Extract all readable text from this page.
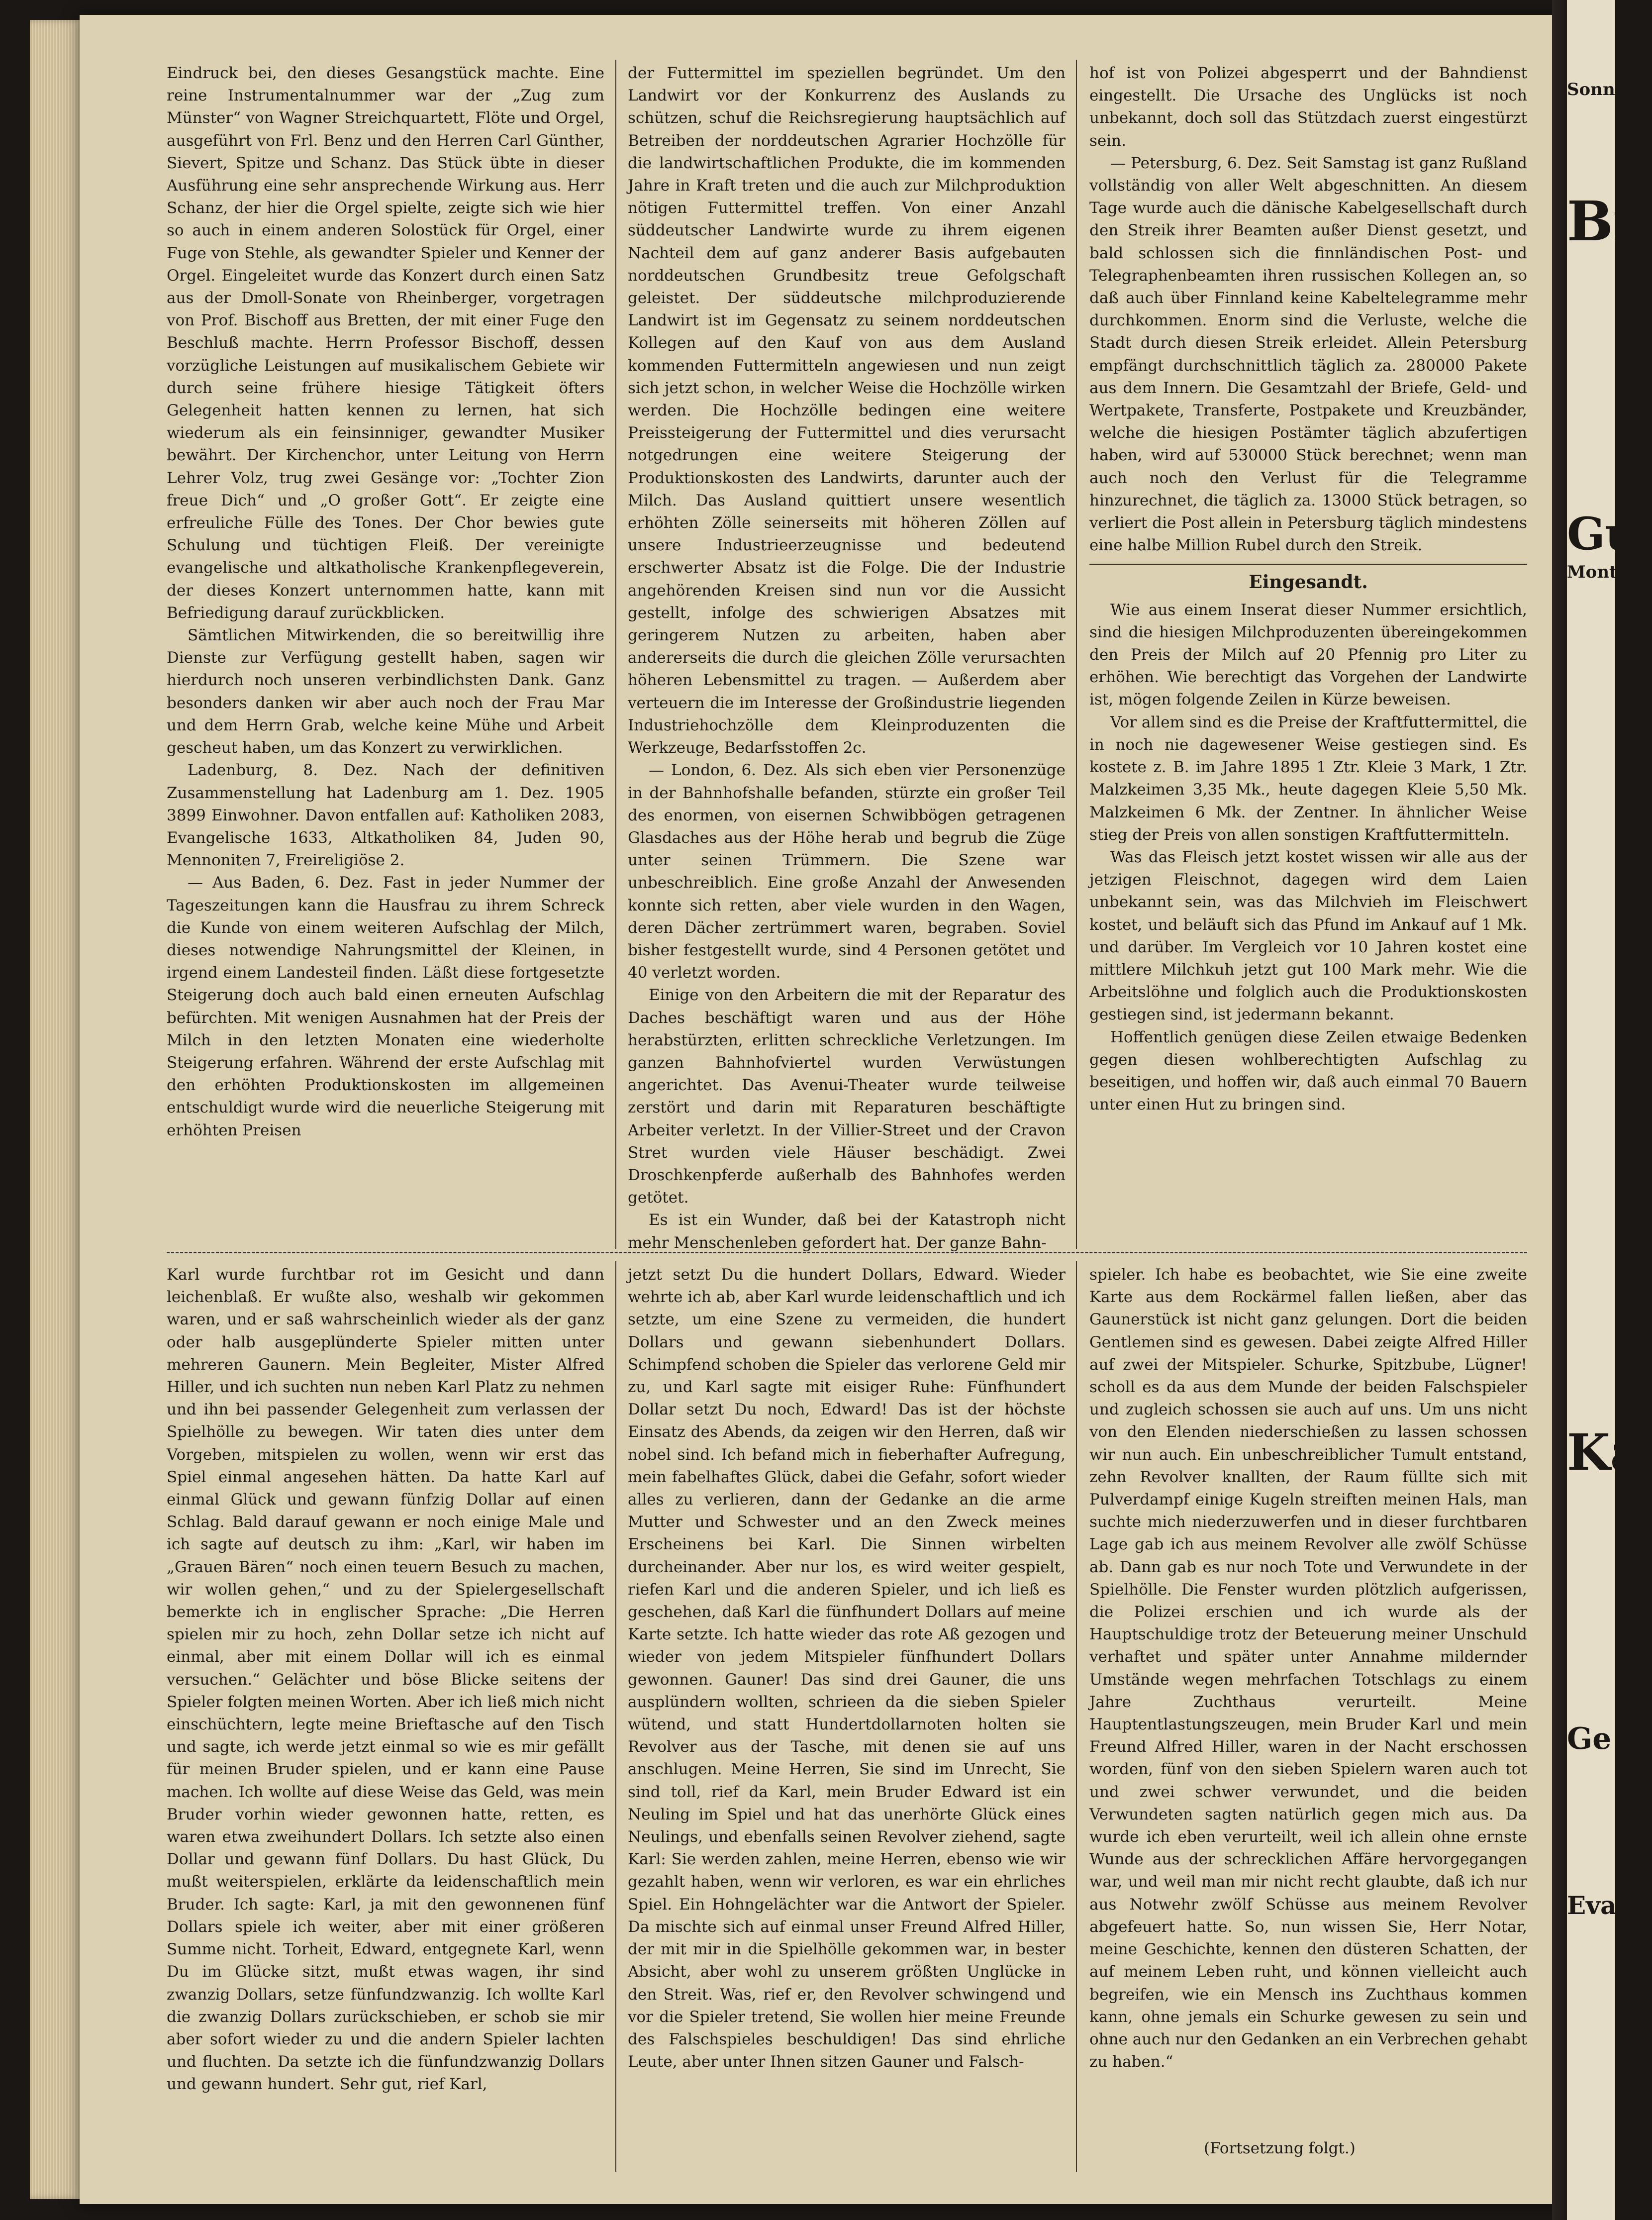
Eindruck bei, den dieses Gesangstück machte. Eine reine Instrumentalnummer war der „Zug zum Münster“ von Wagner Streichquartett, Flöte und Orgel, ausgeführt von Frl. Benz und den Herren Carl Günther, Sievert, Spitze und Schanz. Das Stück übte in dieser Ausführung eine sehr ansprechende Wirkung aus. Herr Schanz, der hier die Orgel spielte, zeigte sich wie hier so auch in einem anderen Solostück für Orgel, einer Fuge von Stehle, als gewandter Spieler und Kenner der Orgel. Eingeleitet wurde das Konzert durch einen Satz aus der Dmoll-Sonate von Rheinberger, vorgetragen von Prof. Bischoff aus Bretten, der mit einer Fuge den Beschluß machte. Herrn Professor Bischoff, dessen vorzügliche Leistungen auf musikalischem Gebiete wir durch seine frühere hiesige Tätigkeit öfters Gelegenheit hatten kennen zu lernen, hat sich wiederum als ein feinsinniger, gewandter Musiker bewährt. Der Kirchenchor, unter Leitung von Herrn Lehrer Volz, trug zwei Gesänge vor: „Tochter Zion freue Dich“ und „O großer Gott“. Er zeigte eine erfreuliche Fülle des Tones. Der Chor bewies gute Schulung und tüchtigen Fleiß. Der vereinigte evangelische und altkatholische Krankenpflegeverein, der dieses Konzert unternommen hatte, kann mit Befriedigung darauf zurückblicken.

Sämtlichen Mitwirkenden, die so bereitwillig ihre Dienste zur Verfügung gestellt haben, sagen wir hierdurch noch unseren verbindlichsten Dank. Ganz besonders danken wir aber auch noch der Frau Mar und dem Herrn Grab, welche keine Mühe und Arbeit gescheut haben, um das Konzert zu verwirklichen.

Ladenburg, 8. Dez. Nach der definitiven Zusammenstellung hat Ladenburg am 1. Dez. 1905 3899 Einwohner. Davon entfallen auf: Katholiken 2083, Evangelische 1633, Altkatholiken 84, Juden 90, Mennoniten 7, Freireligiöse 2.

— Aus Baden, 6. Dez. Fast in jeder Nummer der Tageszeitungen kann die Hausfrau zu ihrem Schreck die Kunde von einem weiteren Aufschlag der Milch, dieses notwendige Nahrungsmittel der Kleinen, in irgend einem Landesteil finden. Läßt diese fortgesetzte Steigerung doch auch bald einen erneuten Aufschlag befürchten. Mit wenigen Ausnahmen hat der Preis der Milch in den letzten Monaten eine wiederholte Steigerung erfahren. Während der erste Aufschlag mit den erhöhten Produktionskosten im allgemeinen entschuldigt wurde wird die neuerliche Steigerung mit erhöhten Preisen

der Futtermittel im speziellen begründet. Um den Landwirt vor der Konkurrenz des Auslands zu schützen, schuf die Reichsregierung hauptsächlich auf Betreiben der norddeutschen Agrarier Hochzölle für die landwirtschaftlichen Produkte, die im kommenden Jahre in Kraft treten und die auch zur Milchproduktion nötigen Futtermittel treffen. Von einer Anzahl süddeutscher Landwirte wurde zu ihrem eigenen Nachteil dem auf ganz anderer Basis aufgebauten norddeutschen Grundbesitz treue Gefolgschaft geleistet. Der süddeutsche milchproduzierende Landwirt ist im Gegensatz zu seinem norddeutschen Kollegen auf den Kauf von aus dem Ausland kommenden Futtermitteln angewiesen und nun zeigt sich jetzt schon, in welcher Weise die Hochzölle wirken werden. Die Hochzölle bedingen eine weitere Preissteigerung der Futtermittel und dies verursacht notgedrungen eine weitere Steigerung der Produktionskosten des Landwirts, darunter auch der Milch. Das Ausland quittiert unsere wesentlich erhöhten Zölle seinerseits mit höheren Zöllen auf unsere Industrieerzeugnisse und bedeutend erschwerter Absatz ist die Folge. Die der Industrie angehörenden Kreisen sind nun vor die Aussicht gestellt, infolge des schwierigen Absatzes mit geringerem Nutzen zu arbeiten, haben aber andererseits die durch die gleichen Zölle verursachten höheren Lebensmittel zu tragen. — Außerdem aber verteuern die im Interesse der Großindustrie liegenden Industriehochzölle dem Kleinproduzenten die Werkzeuge, Bedarfsstoffen 2c.

— London, 6. Dez. Als sich eben vier Personenzüge in der Bahnhofshalle befanden, stürzte ein großer Teil des enormen, von eisernen Schwibbögen getragenen Glasdaches aus der Höhe herab und begrub die Züge unter seinen Trümmern. Die Szene war unbeschreiblich. Eine große Anzahl der Anwesenden konnte sich retten, aber viele wurden in den Wagen, deren Dächer zertrümmert waren, begraben. Soviel bisher festgestellt wurde, sind 4 Personen getötet und 40 verletzt worden.

Einige von den Arbeitern die mit der Reparatur des Daches beschäftigt waren und aus der Höhe herabstürzten, erlitten schreckliche Verletzungen. Im ganzen Bahnhofviertel wurden Verwüstungen angerichtet. Das Avenui-Theater wurde teilweise zerstört und darin mit Reparaturen beschäftigte Arbeiter verletzt. In der Villier-Street und der Cravon Stret wurden viele Häuser beschädigt. Zwei Droschkenpferde außerhalb des Bahnhofes werden getötet.

Es ist ein Wunder, daß bei der Katastroph nicht mehr Menschenleben gefordert hat. Der ganze Bahn-

hof ist von Polizei abgesperrt und der Bahndienst eingestellt. Die Ursache des Unglücks ist noch unbekannt, doch soll das Stützdach zuerst eingestürzt sein.

— Petersburg, 6. Dez. Seit Samstag ist ganz Rußland vollständig von aller Welt abgeschnitten. An diesem Tage wurde auch die dänische Kabelgesellschaft durch den Streik ihrer Beamten außer Dienst gesetzt, und bald schlossen sich die finnländischen Post- und Telegraphenbeamten ihren russischen Kollegen an, so daß auch über Finnland keine Kabeltelegramme mehr durchkommen. Enorm sind die Verluste, welche die Stadt durch diesen Streik erleidet. Allein Petersburg empfängt durchschnittlich täglich za. 280000 Pakete aus dem Innern. Die Gesamtzahl der Briefe, Geld- und Wertpakete, Transferte, Postpakete und Kreuzbänder, welche die hiesigen Postämter täglich abzufertigen haben, wird auf 530000 Stück berechnet; wenn man auch noch den Verlust für die Telegramme hinzurechnet, die täglich za. 13000 Stück betragen, so verliert die Post allein in Petersburg täglich mindestens eine halbe Million Rubel durch den Streik.

Eingesandt.

Wie aus einem Inserat dieser Nummer ersichtlich, sind die hiesigen Milchproduzenten übereingekommen den Preis der Milch auf 20 Pfennig pro Liter zu erhöhen. Wie berechtigt das Vorgehen der Landwirte ist, mögen folgende Zeilen in Kürze beweisen.

Vor allem sind es die Preise der Kraftfuttermittel, die in noch nie dagewesener Weise gestiegen sind. Es kostete z. B. im Jahre 1895 1 Ztr. Kleie 3 Mark, 1 Ztr. Malzkeimen 3,35 Mk., heute dagegen Kleie 5,50 Mk. Malzkeimen 6 Mk. der Zentner. In ähnlicher Weise stieg der Preis von allen sonstigen Kraftfuttermitteln.

Was das Fleisch jetzt kostet wissen wir alle aus der jetzigen Fleischnot, dagegen wird dem Laien unbekannt sein, was das Milchvieh im Fleischwert kostet, und beläuft sich das Pfund im Ankauf auf 1 Mk. und darüber. Im Vergleich vor 10 Jahren kostet eine mittlere Milchkuh jetzt gut 100 Mark mehr. Wie die Arbeitslöhne und folglich auch die Produktionskosten gestiegen sind, ist jedermann bekannt.

Hoffentlich genügen diese Zeilen etwaige Bedenken gegen diesen wohlberechtigten Aufschlag zu beseitigen, und hoffen wir, daß auch einmal 70 Bauern unter einen Hut zu bringen sind.

Karl wurde furchtbar rot im Gesicht und dann leichenblaß. Er wußte also, weshalb wir gekommen waren, und er saß wahrscheinlich wieder als der ganz oder halb ausgeplünderte Spieler mitten unter mehreren Gaunern. Mein Begleiter, Mister Alfred Hiller, und ich suchten nun neben Karl Platz zu nehmen und ihn bei passender Gelegenheit zum verlassen der Spielhölle zu bewegen. Wir taten dies unter dem Vorgeben, mitspielen zu wollen, wenn wir erst das Spiel einmal angesehen hätten. Da hatte Karl auf einmal Glück und gewann fünfzig Dollar auf einen Schlag. Bald darauf gewann er noch einige Male und ich sagte auf deutsch zu ihm: „Karl, wir haben im „Grauen Bären“ noch einen teuern Besuch zu machen, wir wollen gehen,“ und zu der Spielergesellschaft bemerkte ich in englischer Sprache: „Die Herren spielen mir zu hoch, zehn Dollar setze ich nicht auf einmal, aber mit einem Dollar will ich es einmal versuchen.“ Gelächter und böse Blicke seitens der Spieler folgten meinen Worten. Aber ich ließ mich nicht einschüchtern, legte meine Brieftasche auf den Tisch und sagte, ich werde jetzt einmal so wie es mir gefällt für meinen Bruder spielen, und er kann eine Pause machen. Ich wollte auf diese Weise das Geld, was mein Bruder vorhin wieder gewonnen hatte, retten, es waren etwa zweihundert Dollars. Ich setzte also einen Dollar und gewann fünf Dollars. Du hast Glück, Du mußt weiterspielen, erklärte da leidenschaftlich mein Bruder. Ich sagte: Karl, ja mit den gewonnenen fünf Dollars spiele ich weiter, aber mit einer größeren Summe nicht. Torheit, Edward, entgegnete Karl, wenn Du im Glücke sitzt, mußt etwas wagen, ihr sind zwanzig Dollars, setze fünfundzwanzig. Ich wollte Karl die zwanzig Dollars zurückschieben, er schob sie mir aber sofort wieder zu und die andern Spieler lachten und fluchten. Da setzte ich die fünfundzwanzig Dollars und gewann hundert. Sehr gut, rief Karl,

jetzt setzt Du die hundert Dollars, Edward. Wieder wehrte ich ab, aber Karl wurde leidenschaftlich und ich setzte, um eine Szene zu vermeiden, die hundert Dollars und gewann siebenhundert Dollars. Schimpfend schoben die Spieler das verlorene Geld mir zu, und Karl sagte mit eisiger Ruhe: Fünfhundert Dollar setzt Du noch, Edward! Das ist der höchste Einsatz des Abends, da zeigen wir den Herren, daß wir nobel sind. Ich befand mich in fieberhafter Aufregung, mein fabelhaftes Glück, dabei die Gefahr, sofort wieder alles zu verlieren, dann der Gedanke an die arme Mutter und Schwester und an den Zweck meines Erscheinens bei Karl. Die Sinnen wirbelten durcheinander. Aber nur los, es wird weiter gespielt, riefen Karl und die anderen Spieler, und ich ließ es geschehen, daß Karl die fünfhundert Dollars auf meine Karte setzte. Ich hatte wieder das rote Aß gezogen und wieder von jedem Mitspieler fünfhundert Dollars gewonnen. Gauner! Das sind drei Gauner, die uns ausplündern wollten, schrieen da die sieben Spieler wütend, und statt Hundertdollarnoten holten sie Revolver aus der Tasche, mit denen sie auf uns anschlugen. Meine Herren, Sie sind im Unrecht, Sie sind toll, rief da Karl, mein Bruder Edward ist ein Neuling im Spiel und hat das unerhörte Glück eines Neulings, und ebenfalls seinen Revolver ziehend, sagte Karl: Sie werden zahlen, meine Herren, ebenso wie wir gezahlt haben, wenn wir verloren, es war ein ehrliches Spiel. Ein Hohngelächter war die Antwort der Spieler. Da mischte sich auf einmal unser Freund Alfred Hiller, der mit mir in die Spielhölle gekommen war, in bester Absicht, aber wohl zu unserem größten Unglücke in den Streit. Was, rief er, den Revolver schwingend und vor die Spieler tretend, Sie wollen hier meine Freunde des Falschspieles beschuldigen! Das sind ehrliche Leute, aber unter Ihnen sitzen Gauner und Falsch-

spieler. Ich habe es beobachtet, wie Sie eine zweite Karte aus dem Rockärmel fallen ließen, aber das Gaunerstück ist nicht ganz gelungen. Dort die beiden Gentlemen sind es gewesen. Dabei zeigte Alfred Hiller auf zwei der Mitspieler. Schurke, Spitzbube, Lügner! scholl es da aus dem Munde der beiden Falschspieler und zugleich schossen sie auch auf uns. Um uns nicht von den Elenden niederschießen zu lassen schossen wir nun auch. Ein unbeschreiblicher Tumult entstand, zehn Revolver knallten, der Raum füllte sich mit Pulverdampf einige Kugeln streiften meinen Hals, man suchte mich niederzuwerfen und in dieser furchtbaren Lage gab ich aus meinem Revolver alle zwölf Schüsse ab. Dann gab es nur noch Tote und Verwundete in der Spielhölle. Die Fenster wurden plötzlich aufgerissen, die Polizei erschien und ich wurde als der Hauptschuldige trotz der Beteuerung meiner Unschuld verhaftet und später unter Annahme mildernder Umstände wegen mehrfachen Totschlags zu einem Jahre Zuchthaus verurteilt. Meine Hauptentlastungszeugen, mein Bruder Karl und mein Freund Alfred Hiller, waren in der Nacht erschossen worden, fünf von den sieben Spielern waren auch tot und zwei schwer verwundet, und die beiden Verwundeten sagten natürlich gegen mich aus. Da wurde ich eben verurteilt, weil ich allein ohne ernste Wunde aus der schrecklichen Affäre hervorgegangen war, und weil man mir nicht recht glaubte, daß ich nur aus Notwehr zwölf Schüsse aus meinem Revolver abgefeuert hatte. So, nun wissen Sie, Herr Notar, meine Geschichte, kennen den düsteren Schatten, der auf meinem Leben ruht, und können vielleicht auch begreifen, wie ein Mensch ins Zuchthaus kommen kann, ohne jemals ein Schurke gewesen zu sein und ohne auch nur den Gedanken an ein Verbrechen gehabt zu haben.“

(Fortsetzung folgt.)
Sonntag
Br
Montag
Gu
Ka
Ge
Evang
